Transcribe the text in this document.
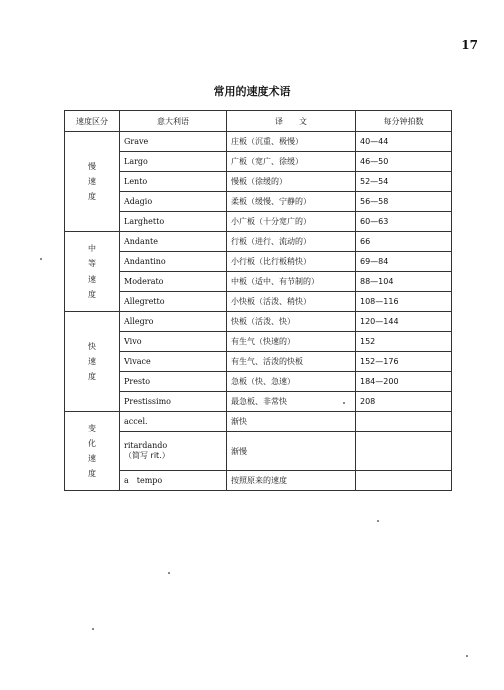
17
常用的速度术语
速度区分	意大利语	译　　文	每分钟拍数

慢
速
度	Grave	庄板（沉重、极慢）	40—44
	Largo	广板（宽广、徐缓）	46—50
	Lento	慢板（徐缓的）	52—54
	Adagio	柔板（缓慢、宁静的）	56—58
	Larghetto	小广板（十分宽广的）	60—63

中
等
速
度	Andante	行板（进行、流动的）	66
	Andantino	小行板（比行板稍快）	69—84
	Moderato	中板（适中、有节制的）	88—104
	Allegretto	小快板（活泼、稍快）	108—116

快
速
度	Allegro	快板（活泼、快）	120—144
	Vivo	有生气（快速的）	152
	Vivace	有生气、活泼的快板	152—176
	Presto	急板（快、急速）	184—200
	Prestissimo	最急板、非常快	208

变
化
速
度	accel.	渐快	
	ritardando
（简写 rit.）	渐慢	
	a　tempo	按照原来的速度	
